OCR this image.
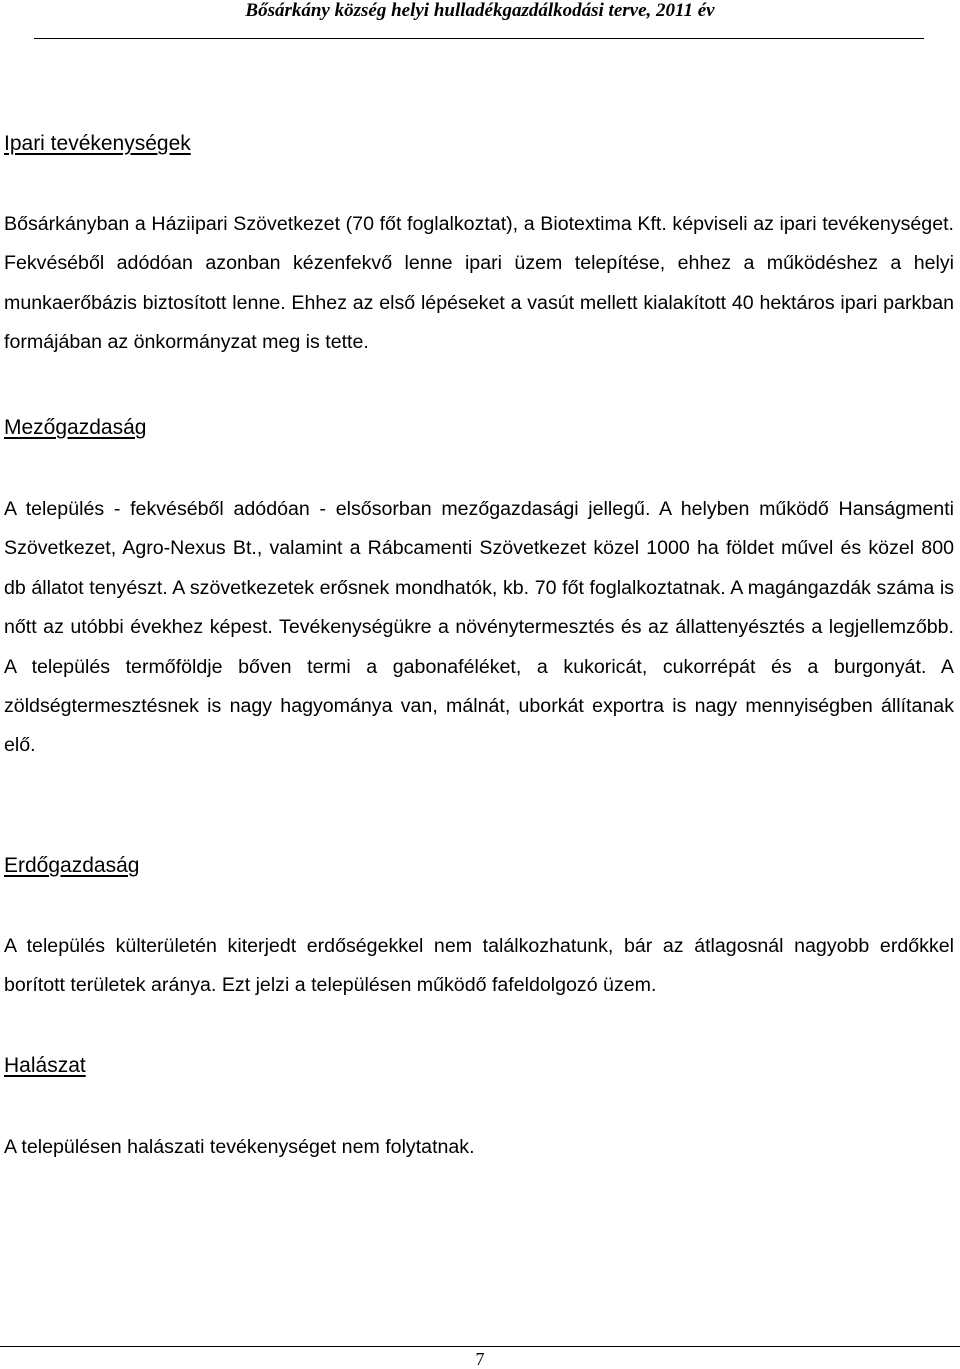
Bősárkány község helyi hulladékgazdálkodási terve, 2011 év
Ipari tevékenységek

Bősárkányban a Háziipari Szövetkezet (70 főt foglalkoztat), a Biotextima Kft. képviseli az ipari tevékenységet. Fekvéséből adódóan azonban kézenfekvő lenne ipari üzem telepítése, ehhez a működéshez a helyi munkaerőbázis biztosított lenne. Ehhez az első lépéseket a vasút mellett kialakított 40 hektáros ipari parkban formájában az önkormányzat meg is tette.

Mezőgazdaság

A település - fekvéséből adódóan - elsősorban mezőgazdasági jellegű. A helyben működő Hanságmenti Szövetkezet, Agro-Nexus Bt., valamint a Rábcamenti Szövetkezet közel 1000 ha földet művel és közel 800 db állatot tenyészt. A szövetkezetek erősnek mondhatók, kb. 70 főt foglalkoztatnak. A magángazdák száma is nőtt az utóbbi évekhez képest. Tevékenységükre a növénytermesztés és az állattenyésztés a legjellemzőbb. A település termőföldje bőven termi a gabonaféléket, a kukoricát, cukorrépát és a burgonyát. A zöldségtermesztésnek is nagy hagyománya van, málnát, uborkát exportra is nagy mennyiségben állítanak elő.

Erdőgazdaság

A település külterületén kiterjedt erdőségekkel nem találkozhatunk, bár az átlagosnál nagyobb erdőkkel borított területek aránya. Ezt jelzi a településen működő fafeldolgozó üzem.

Halászat

A településen halászati tevékenységet nem folytatnak.

7
